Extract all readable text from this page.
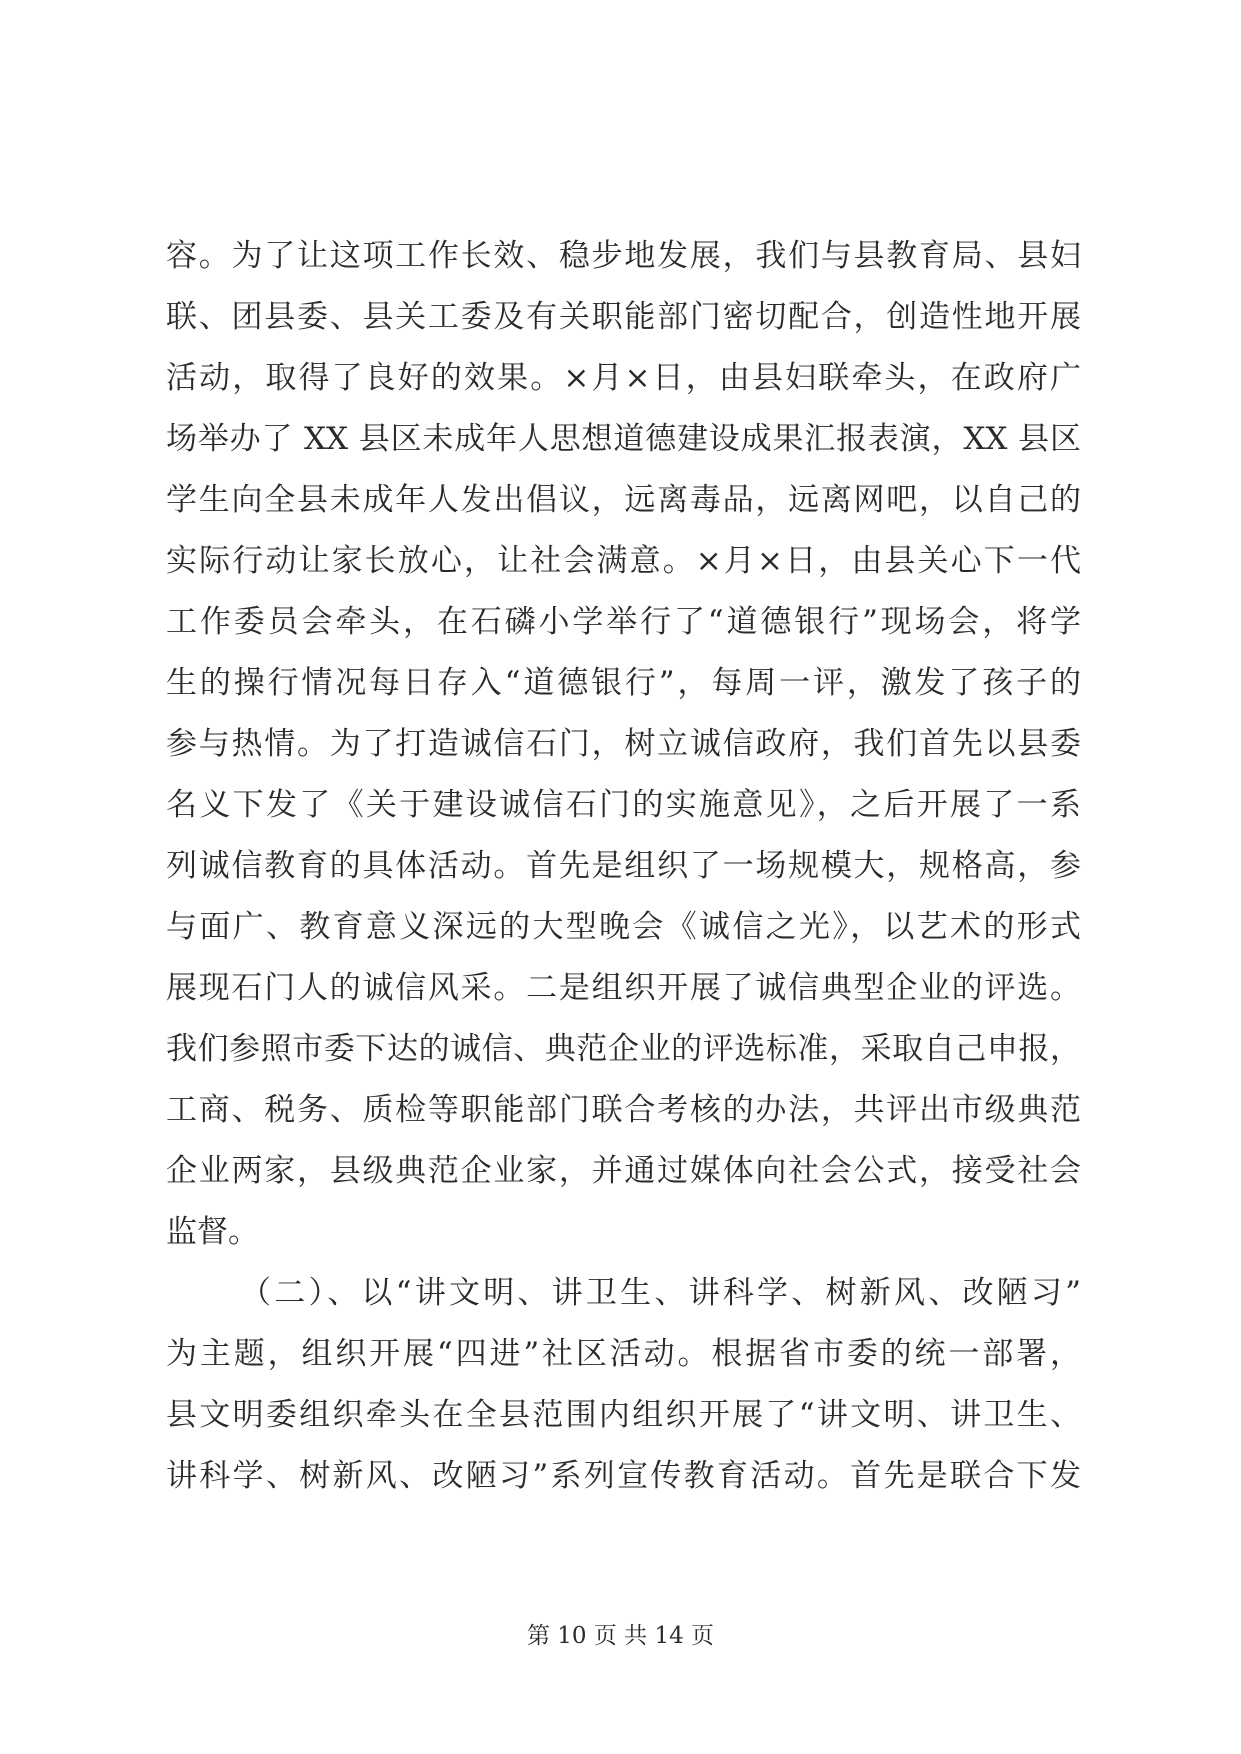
容。为了让这项工作长效、稳步地发展，我们与县教育局、县妇
联、团县委、县关工委及有关职能部门密切配合，创造性地开展
活动，取得了良好的效果。×月×日，由县妇联牵头，在政府广
场举办了 XX 县区未成年人思想道德建设成果汇报表演，XX 县区
学生向全县未成年人发出倡议，远离毒品，远离网吧，以自己的
实际行动让家长放心，让社会满意。×月×日，由县关心下一代
工作委员会牵头，在石磷小学举行了“道德银行”现场会，将学
生的操行情况每日存入“道德银行”，每周一评，激发了孩子的
参与热情。为了打造诚信石门，树立诚信政府，我们首先以县委
名义下发了《关于建设诚信石门的实施意见》，之后开展了一系
列诚信教育的具体活动。首先是组织了一场规模大，规格高，参
与面广、教育意义深远的大型晚会《诚信之光》，以艺术的形式
展现石门人的诚信风采。二是组织开展了诚信典型企业的评选。
我们参照市委下达的诚信、典范企业的评选标准，采取自己申报，
工商、税务、质检等职能部门联合考核的办法，共评出市级典范
企业两家，县级典范企业家，并通过媒体向社会公式，接受社会
监督。
（二）、以“讲文明、讲卫生、讲科学、树新风、改陋习”
为主题，组织开展“四进”社区活动。根据省市委的统一部署，
县文明委组织牵头在全县范围内组织开展了“讲文明、讲卫生、
讲科学、树新风、改陋习”系列宣传教育活动。首先是联合下发
第 10 页 共 14 页
